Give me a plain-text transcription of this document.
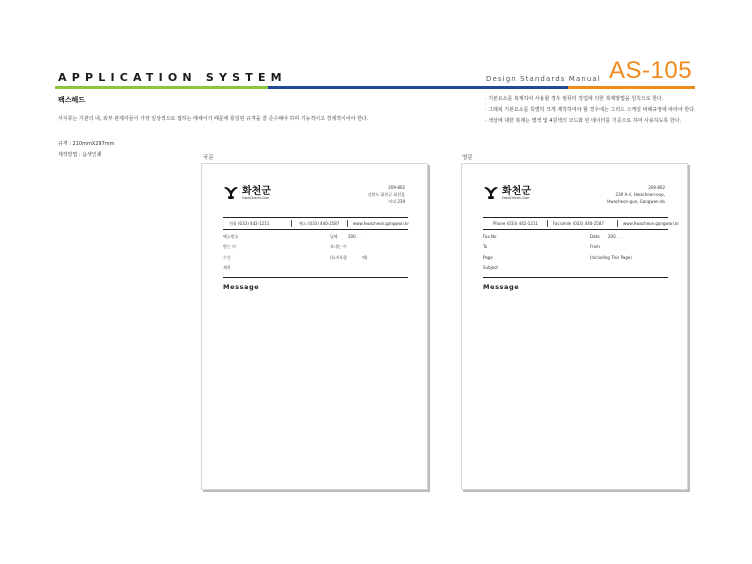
APPLICATION SYSTEM	Design Standards Manual AS-105
팩스헤드
서식류는 기관의 내, 외부 관계자들이 가장 일상적으로 접하는 매체이기 때문에 통일된 규격을 잘 준수해야 하며 기능적이고 경제적이어야 한다.
규격 : 210mmX297mm
제작방법 : 옵셋인쇄
· 기본요소를 복제하여 사용할 경우 컴퓨터 작업에 의한 복제방법을 원칙으로 한다.
· 그래픽 기본요소를 특별히 크게 제작하여야 할 경우에는 그리드 스케일 비례규정에 따라야 한다.
· 색상에 대한 복제는 별색 및 4원색의 코드화 된 데이터를 기준으로 하여 사용하도록 한다.
국문	영문
화천군
HwaCheon-Gun
209-802
강원도 화천군 화천읍
아리 239
전화 (033) 442-1211	팩스 (033) 440-2587	www.hwacheon.gangwon.kr
팩스번호	날짜	200 . .
받는 이	보내는 이
수신	(표지포함	매)
제목
Message
화천군
HwaCheon-Gun
209-802
239 A-ri, Hwacheon-eup,
Hwacheon-gun, Gangwon-do
Phone (033) 442-1211	Facsimile (033) 440-2587	www.hwacheon.gangwon.kr
Fax.No	Date 200 . .
To	From
Page	(Including This Page)
Subject
Message
